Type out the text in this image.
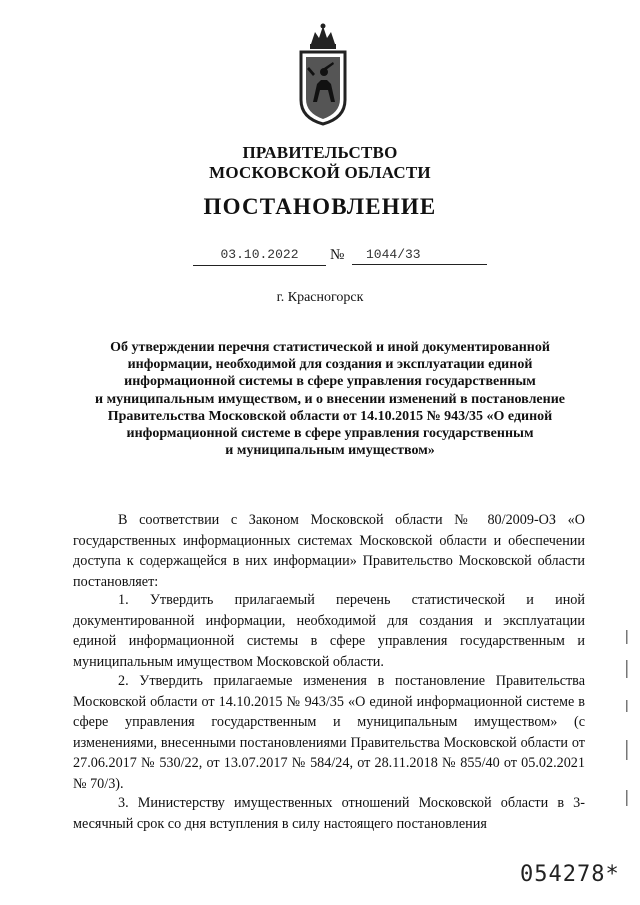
ПРАВИТЕЛЬСТВО
МОСКОВСКОЙ ОБЛАСТИ
ПОСТАНОВЛЕНИЕ
03.10.2022	№	1044/33
г. Красногорск
Об утверждении перечня статистической и иной документированной
информации, необходимой для создания и эксплуатации единой
информационной системы в сфере управления государственным
и муниципальным имуществом, и о внесении изменений в постановление
Правительства Московской области от 14.10.2015 № 943/35 «О единой
информационной системе в сфере управления государственным
и муниципальным имуществом»
В соответствии с Законом Московской области № 80/2009-ОЗ «О государственных информационных системах Московской области и обеспечении доступа к содержащейся в них информации» Правительство Московской области постановляет:
1. Утвердить прилагаемый перечень статистической и иной документированной информации, необходимой для создания и эксплуатации единой информационной системы в сфере управления государственным и муниципальным имуществом Московской области.
2. Утвердить прилагаемые изменения в постановление Правительства Московской области от 14.10.2015 № 943/35 «О единой информационной системе в сфере управления государственным и муниципальным имуществом» (с изменениями, внесенными постановлениями Правительства Московской области от 27.06.2017 № 530/22, от 13.07.2017 № 584/24, от 28.11.2018 № 855/40 от 05.02.2021 № 70/3).
3. Министерству имущественных отношений Московской области в 3-месячный срок со дня вступления в силу настоящего постановления
054278*
